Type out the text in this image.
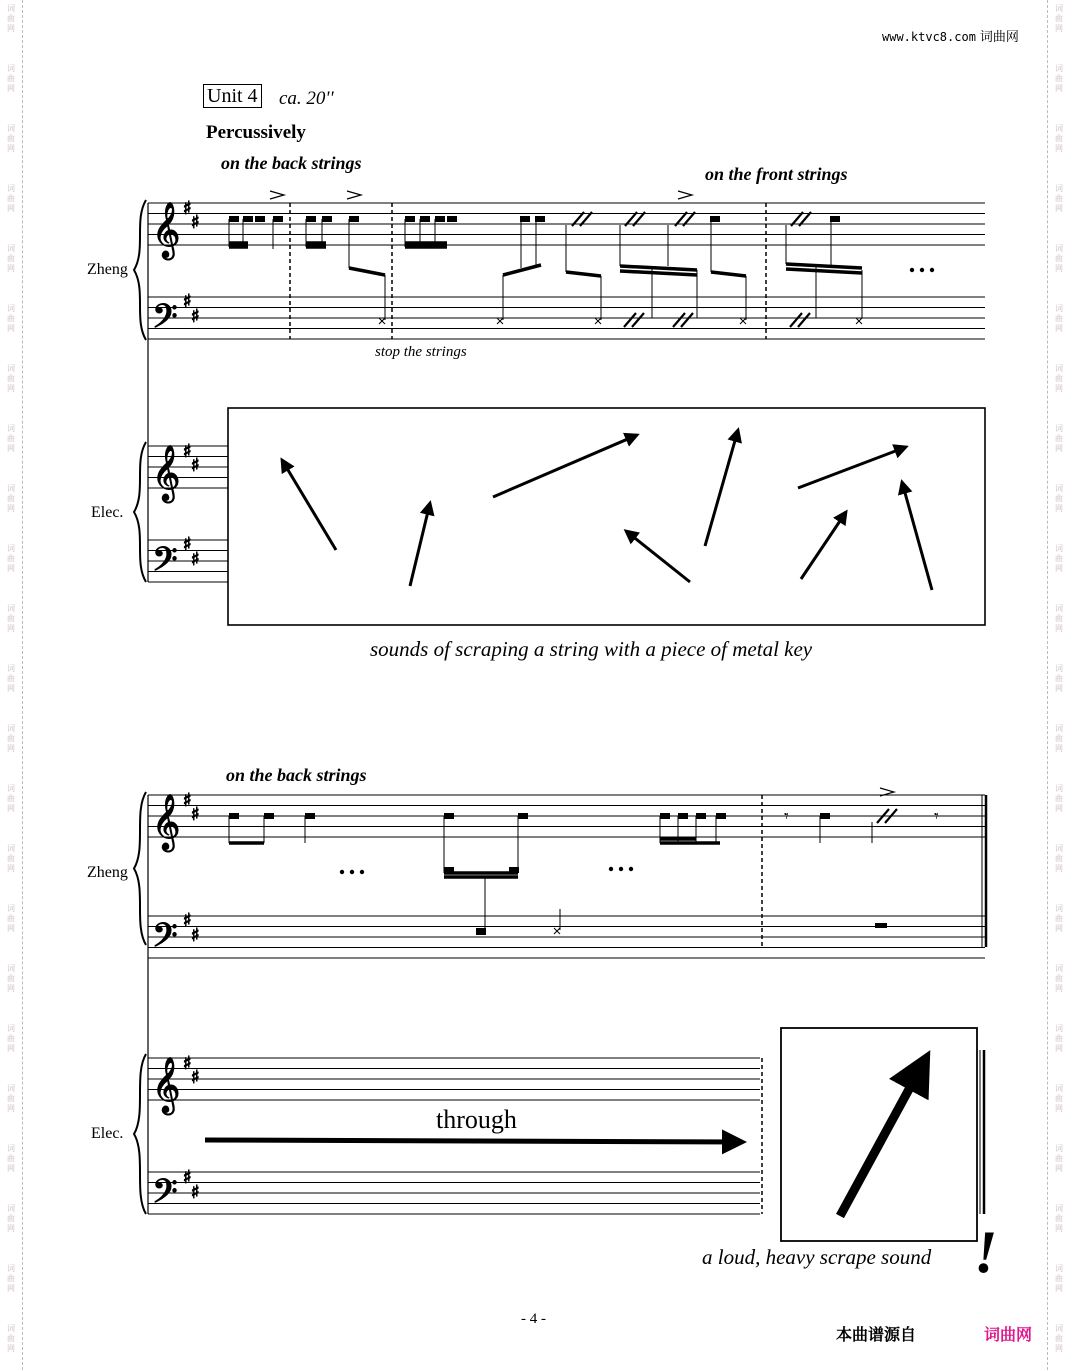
词
曲
网
词
曲
网
词
曲
网
词
曲
网
词
曲
网
词
曲
网
词
曲
网
词
曲
网
词
曲
网
词
曲
网
词
曲
网
词
曲
网
词
曲
网
词
曲
网
词
曲
网
词
曲
网
词
曲
网
词
曲
网
词
曲
网
词
曲
网
词
曲
网
词
曲
网
词
曲
网
词
曲
网
词
曲
网
词
曲
网
词
曲
网
词
曲
网
词
曲
网
词
曲
网
词
曲
网
词
曲
网
词
曲
网
词
曲
网
词
曲
网
词
曲
网
词
曲
网
词
曲
网
词
曲
网
词
曲
网
词
曲
网
词
曲
网
词
曲
网
词
曲
网
词
曲
网
词
曲
网
www.ktvc8.com 词曲网
Unit 4 ca. 20''
Percussively
on the back strings
on the front strings
stop the strings
Zheng
Elec.
sounds of scraping a string with a piece of metal key
on the back strings
Zheng
Elec.	through
a loud, heavy scrape sound !
- 4 -
本曲谱源自	词曲网
𝄞
𝄢
♯
♯
♯
♯
𝄞
𝄢
♯
♯
♯
♯
𝄞
𝄢
♯
♯
♯
♯
𝄞
𝄢
♯
♯
♯
♯
𝄾	𝄾
